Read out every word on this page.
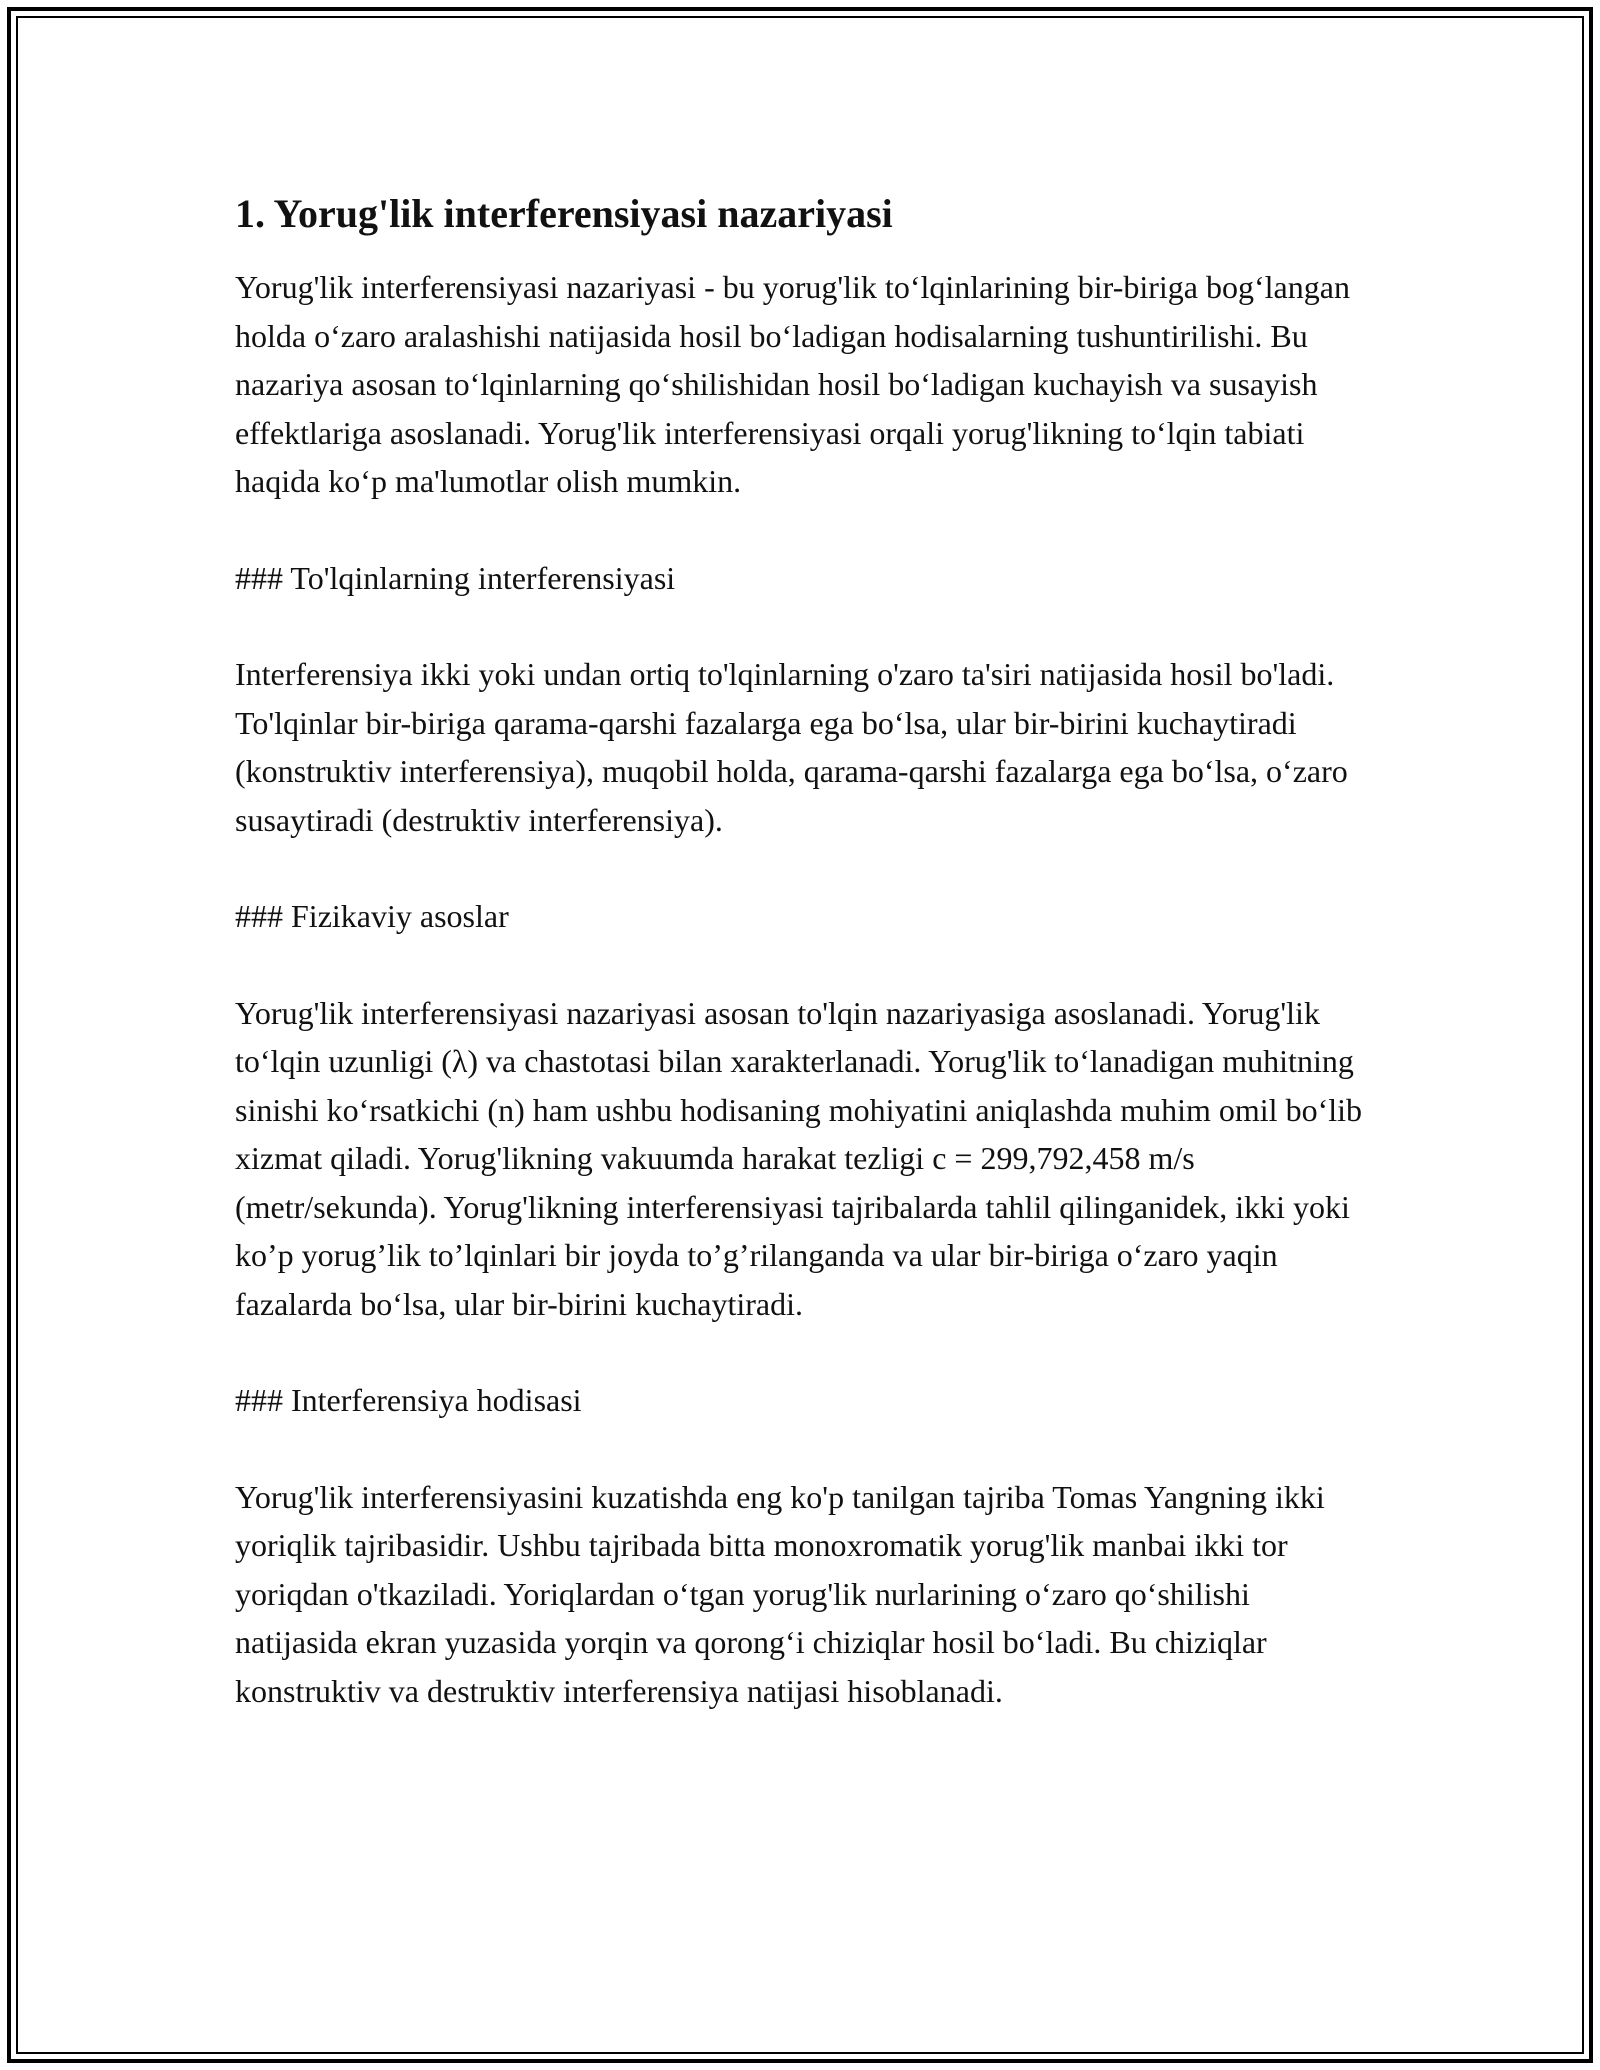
1. Yorug'lik interferensiyasi nazariyasi

Yorug'lik interferensiyasi nazariyasi - bu yorug'lik to‘lqinlarining bir-biriga bog‘langan holda o‘zaro aralashishi natijasida hosil bo‘ladigan hodisalarning tushuntirilishi. Bu nazariya asosan to‘lqinlarning qo‘shilishidan hosil bo‘ladigan kuchayish va susayish effektlariga asoslanadi. Yorug'lik interferensiyasi orqali yorug'likning to‘lqin tabiati haqida ko‘p ma'lumotlar olish mumkin.

### To'lqinlarning interferensiyasi

Interferensiya ikki yoki undan ortiq to'lqinlarning o'zaro ta'siri natijasida hosil bo'ladi. To'lqinlar bir-biriga qarama-qarshi fazalarga ega bo‘lsa, ular bir-birini kuchaytiradi (konstruktiv interferensiya), muqobil holda, qarama-qarshi fazalarga ega bo‘lsa, o‘zaro susaytiradi (destruktiv interferensiya).

### Fizikaviy asoslar

Yorug'lik interferensiyasi nazariyasi asosan to'lqin nazariyasiga asoslanadi. Yorug'lik to‘lqin uzunligi (λ) va chastotasi bilan xarakterlanadi. Yorug'lik to‘lanadigan muhitning sinishi ko‘rsatkichi (n) ham ushbu hodisaning mohiyatini aniqlashda muhim omil bo‘lib xizmat qiladi. Yorug'likning vakuumda harakat tezligi c = 299,792,458 m/s (metr/sekunda). Yorug'likning interferensiyasi tajribalarda tahlil qilinganidek, ikki yoki ko’p yorug’lik to’lqinlari bir joyda to’g’rilanganda va ular bir-biriga o‘zaro yaqin fazalarda bo‘lsa, ular bir-birini kuchaytiradi.

### Interferensiya hodisasi

Yorug'lik interferensiyasini kuzatishda eng ko'p tanilgan tajriba Tomas Yangning ikki yoriqlik tajribasidir. Ushbu tajribada bitta monoxromatik yorug'lik manbai ikki tor yoriqdan o'tkaziladi. Yoriqlardan o‘tgan yorug'lik nurlarining o‘zaro qo‘shilishi natijasida ekran yuzasida yorqin va qorong‘i chiziqlar hosil bo‘ladi. Bu chiziqlar konstruktiv va destruktiv interferensiya natijasi hisoblanadi.
